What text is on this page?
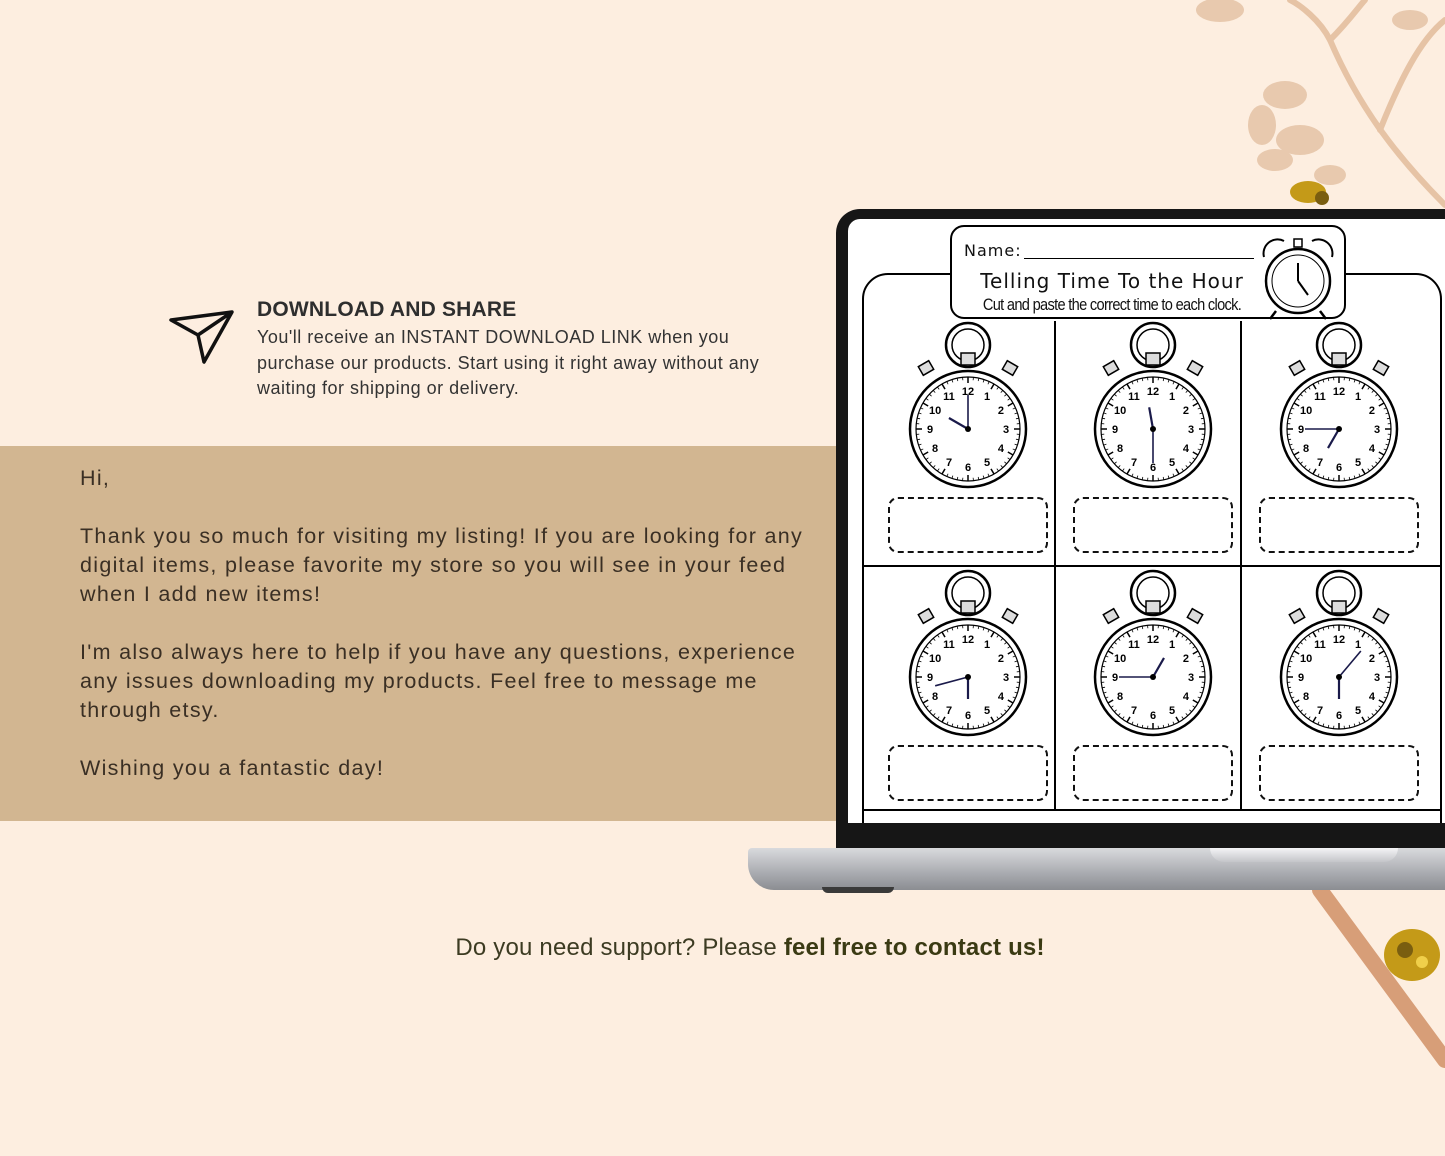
DOWNLOAD AND SHARE
You'll receive an INSTANT DOWNLOAD LINK when you purchase our products. Start using it right away without any waiting for shipping or delivery.

Hi,

Thank you so much for visiting my listing! If you are looking for any digital items, please favorite my store so you will see in your feed when I add new items!

I'm also always here to help if you have any questions, experience any issues downloading my products. Feel free to message me through etsy.

Wishing you a fantastic day!

Name:
Telling Time To the Hour
Cut and paste the correct time to each clock.
1
2
3
4
5
6
7
8
9
10
11 12	1
2
3
4
5
6
7
8
9
10
11 12	1
2
3
4
5
6
7
8
9
10
11 12
1
2
3
4
5
6
7
8
9
10
11 12	1
2
3
4
5
6
7
8
9
10
11 12	1
2
3
4
5
6
7
8
9
10
11 12
Do you need support? Please feel free to contact us!
